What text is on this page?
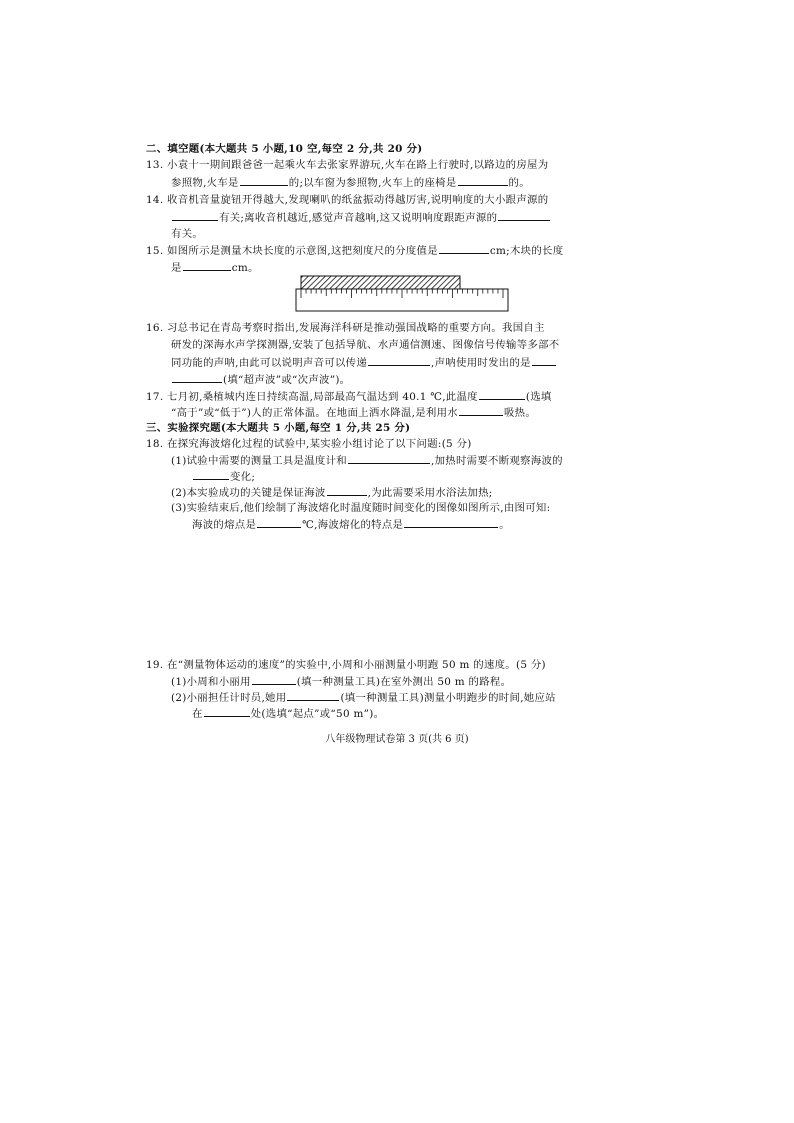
二、填空题(本大题共 5 小题,10 空,每空 2 分,共 20 分)
13. 小袁十一期间跟爸爸一起乘火车去张家界游玩,火车在路上行驶时,以路边的房屋为
参照物,火车是	的;以车窗为参照物,火车上的座椅是	的。
14. 收音机音量旋钮开得越大,发现喇叭的纸盆振动得越厉害,说明响度的大小跟声源的
有关;离收音机越近,感觉声音越响,这又说明响度跟距声源的
有关。
15. 如图所示是测量木块长度的示意图,这把刻度尺的分度值是	cm;木块的长度
是	cm。
16. 习总书记在青岛考察时指出,发展海洋科研是推动强国战略的重要方向。我国自主
研发的深海水声学探测器,安装了包括导航、水声通信测速、图像信号传输等多部不
同功能的声呐,由此可以说明声音可以传递	,声呐使用时发出的是
(填“超声波”或“次声波”)。
17. 七月初,桑植城内连日持续高温,局部最高气温达到 40.1 ℃,此温度	(选填
“高于”或“低于”)人的正常体温。在地面上洒水降温,是利用水	吸热。
三、实验探究题(本大题共 5 小题,每空 1 分,共 25 分)
18. 在探究海波熔化过程的试验中,某实验小组讨论了以下问题:(5 分)
(1)试验中需要的测量工具是温度计和	,加热时需要不断观察海波的
变化;
(2)本实验成功的关键是保证海波	,为此需要采用水浴法加热;
(3)实验结束后,他们绘制了海波熔化时温度随时间变化的图像如图所示,由图可知:
海波的熔点是	℃,海波熔化的特点是	。
19. 在“测量物体运动的速度”的实验中,小周和小丽测量小明跑 50 m 的速度。(5 分)
(1)小周和小丽用	(填一种测量工具)在室外测出 50 m 的路程。
(2)小丽担任计时员,她用	(填一种测量工具)测量小明跑步的时间,她应站
在	处(选填“起点”或“50 m”)。
八年级物理试卷第 3 页(共 6 页)
